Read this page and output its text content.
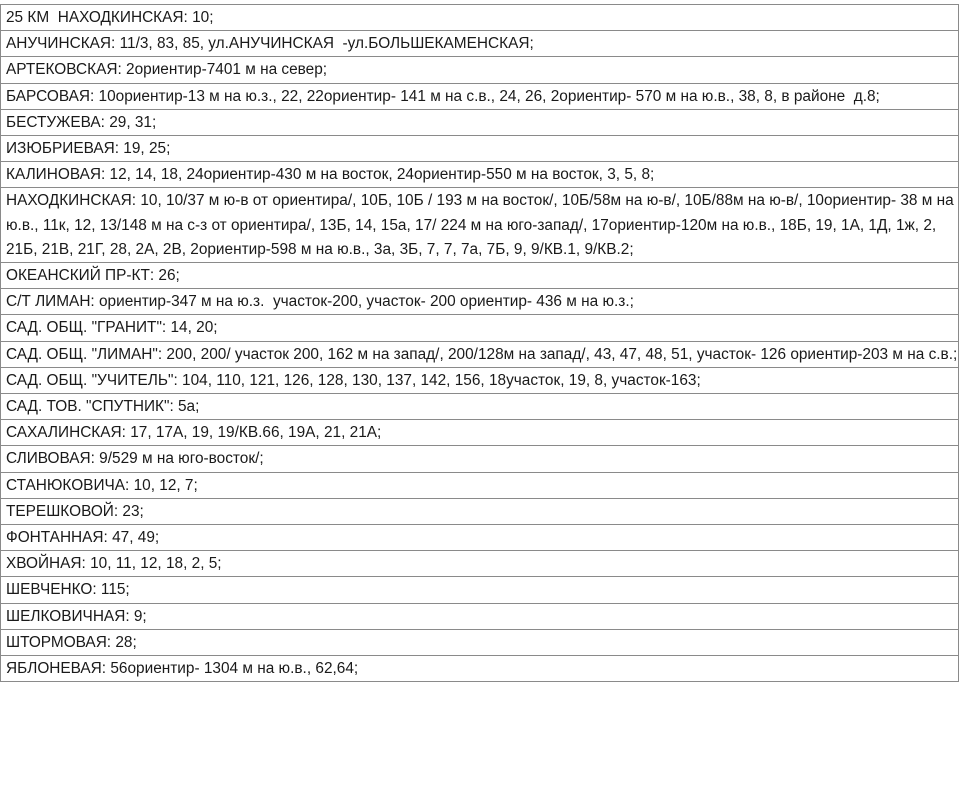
25 КМ  НАХОДКИНСКАЯ: 10;
АНУЧИНСКАЯ: 11/3, 83, 85, ул.АНУЧИНСКАЯ  -ул.БОЛЬШЕКАМЕНСКАЯ;
АРТЕКОВСКАЯ: 2ориентир-7401 м на север;
БАРСОВАЯ: 10ориентир-13 м на ю.з., 22, 22ориентир- 141 м на с.в., 24, 26, 2ориентир- 570 м на ю.в., 38, 8, в районе  д.8;
БЕСТУЖЕВА: 29, 31;
ИЗЮБРИЕВАЯ: 19, 25;
КАЛИНОВАЯ: 12, 14, 18, 24ориентир-430 м на восток, 24ориентир-550 м на восток, 3, 5, 8;
НАХОДКИНСКАЯ: 10, 10/37 м ю-в от ориентира/, 10Б, 10Б / 193 м на восток/, 10Б/58м на ю-в/, 10Б/88м на ю-в/, 10ориентир- 38 м на ю.в., 11к, 12, 13/148 м на с-з от ориентира/, 13Б, 14, 15а, 17/ 224 м на юго-запад/, 17ориентир-120м на ю.в., 18Б, 19, 1А, 1Д, 1ж, 2, 21Б, 21В, 21Г, 28, 2А, 2В, 2ориентир-598 м на ю.в., 3а, 3Б, 7, 7, 7а, 7Б, 9, 9/КВ.1, 9/КВ.2;
ОКЕАНСКИЙ ПР-КТ: 26;
С/Т ЛИМАН: ориентир-347 м на ю.з.  участок-200, участок- 200 ориентир- 436 м на ю.з.;
САД. ОБЩ. "ГРАНИТ": 14, 20;
САД. ОБЩ. "ЛИМАН": 200, 200/ участок 200, 162 м на запад/, 200/128м на запад/, 43, 47, 48, 51, участок- 126 ориентир-203 м на с.в.;
САД. ОБЩ. "УЧИТЕЛЬ": 104, 110, 121, 126, 128, 130, 137, 142, 156, 18участок, 19, 8, участок-163;
САД. ТОВ. "СПУТНИК": 5а;
САХАЛИНСКАЯ: 17, 17А, 19, 19/КВ.66, 19А, 21, 21А;
СЛИВОВАЯ: 9/529 м на юго-восток/;
СТАНЮКОВИЧА: 10, 12, 7;
ТЕРЕШКОВОЙ: 23;
ФОНТАННАЯ: 47, 49;
ХВОЙНАЯ: 10, 11, 12, 18, 2, 5;
ШЕВЧЕНКО: 115;
ШЕЛКОВИЧНАЯ: 9;
ШТОРМОВАЯ: 28;
ЯБЛОНЕВАЯ: 56ориентир- 1304 м на ю.в., 62,64;
